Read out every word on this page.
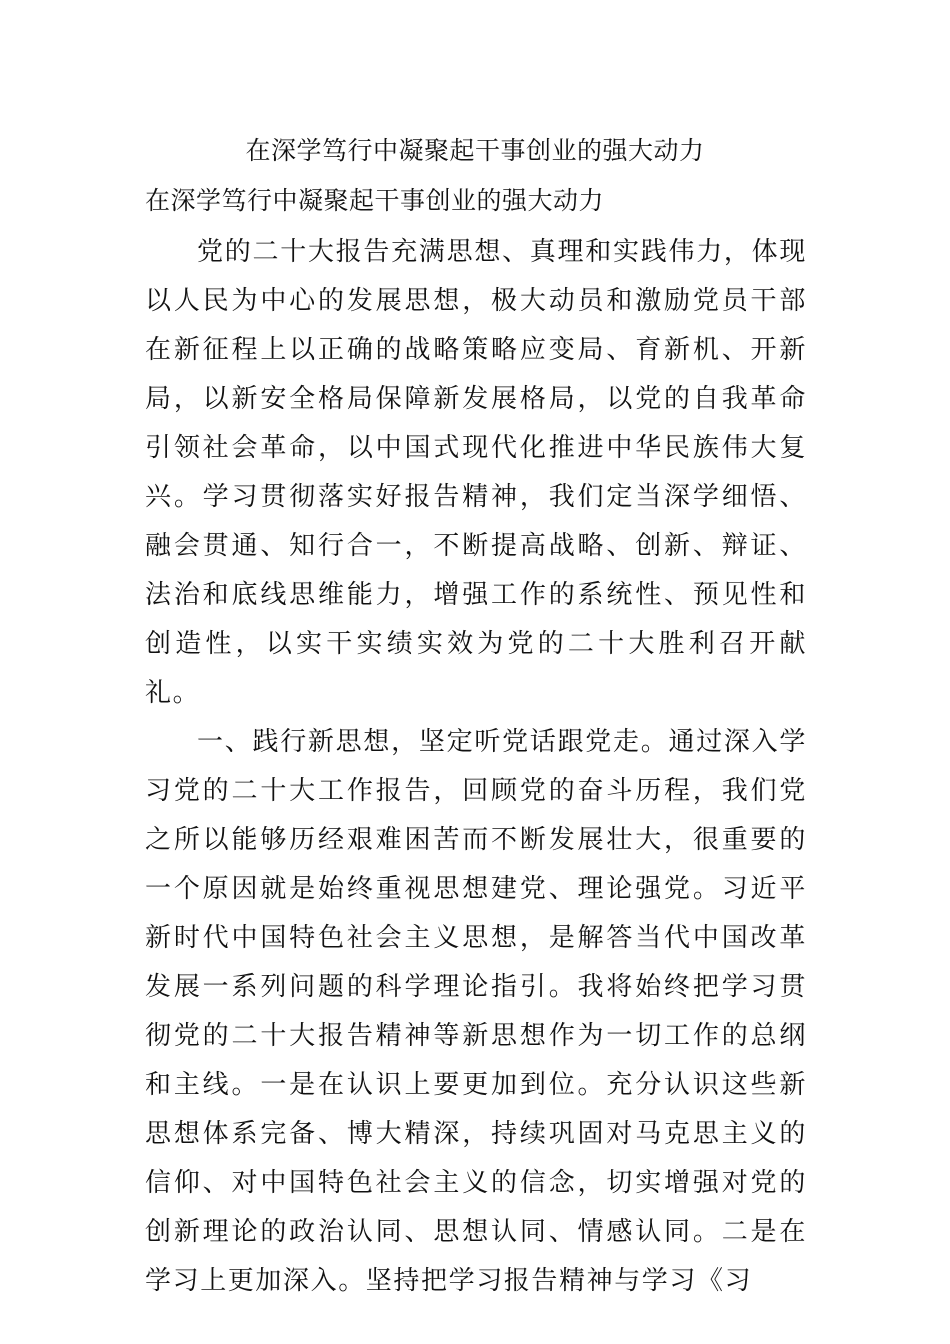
在深学笃行中凝聚起干事创业的强大动力
在深学笃行中凝聚起干事创业的强大动力

党的二十大报告充满思想、真理和实践伟力，体现以人民为中心的发展思想，极大动员和激励党员干部在新征程上以正确的战略策略应变局、育新机、开新局，以新安全格局保障新发展格局，以党的自我革命引领社会革命，以中国式现代化推进中华民族伟大复兴。学习贯彻落实好报告精神，我们定当深学细悟、融会贯通、知行合一，不断提高战略、创新、辩证、法治和底线思维能力，增强工作的系统性、预见性和创造性，以实干实绩实效为党的二十大胜利召开献礼。

一、践行新思想，坚定听党话跟党走。通过深入学习党的二十大工作报告，回顾党的奋斗历程，我们党之所以能够历经艰难困苦而不断发展壮大，很重要的一个原因就是始终重视思想建党、理论强党。习近平新时代中国特色社会主义思想，是解答当代中国改革发展一系列问题的科学理论指引。我将始终把学习贯彻党的二十大报告精神等新思想作为一切工作的总纲和主线。一是在认识上要更加到位。充分认识这些新思想体系完备、博大精深，持续巩固对马克思主义的信仰、对中国特色社会主义的信念，切实增强对党的创新理论的政治认同、思想认同、情感认同。二是在学习上更加深入。坚持把学习报告精神与学习《习
